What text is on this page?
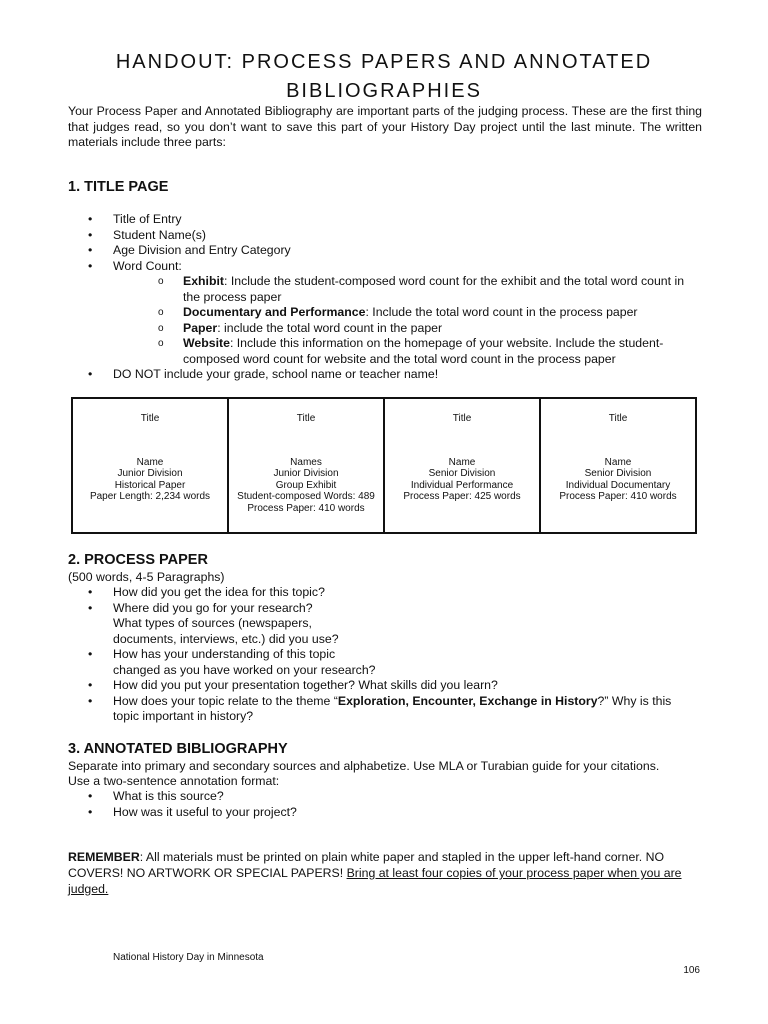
HANDOUT: PROCESS PAPERS AND ANNOTATED
BIBLIOGRAPHIES

Your Process Paper and Annotated Bibliography are important parts of the judging process. These are the first thing that judges read, so you don’t want to save this part of your History Day project until the last minute. The written materials include three parts:

1. TITLE PAGE
• Title of Entry
• Student Name(s)
• Age Division and Entry Category
• Word Count:
o Exhibit: Include the student-composed word count for the exhibit and the total word count in the process paper
o Documentary and Performance: Include the total word count in the process paper
o Paper: include the total word count in the paper
o Website: Include this information on the homepage of your website. Include the student-composed word count for website and the total word count in the process paper
• DO NOT include your grade, school name or teacher name!
Title
Name
Junior Division
Historical Paper
Paper Length: 2,234 words

Title
Names
Junior Division
Group Exhibit
Student-composed Words: 489
Process Paper: 410 words

Title
Name
Senior Division
Individual Performance
Process Paper: 425 words

Title
Name
Senior Division
Individual Documentary
Process Paper: 410 words
2. PROCESS PAPER

(500 words, 4-5 Paragraphs)

• How did you get the idea for this topic?
• Where did you go for your research?
What types of sources (newspapers,
documents, interviews, etc.) did you use?
• How has your understanding of this topic
changed as you have worked on your research?
• How did you put your presentation together? What skills did you learn?
• How does your topic relate to the theme “Exploration, Encounter, Exchange in History?” Why is this
topic important in history?
3. ANNOTATED BIBLIOGRAPHY

Separate into primary and secondary sources and alphabetize. Use MLA or Turabian guide for your citations.

Use a two-sentence annotation format:

• What is this source?
• How was it useful to your project?

REMEMBER: All materials must be printed on plain white paper and stapled in the upper left-hand corner. NO COVERS! NO ARTWORK OR SPECIAL PAPERS! Bring at least four copies of your process paper when you are judged.

National History Day in Minnesota

106
